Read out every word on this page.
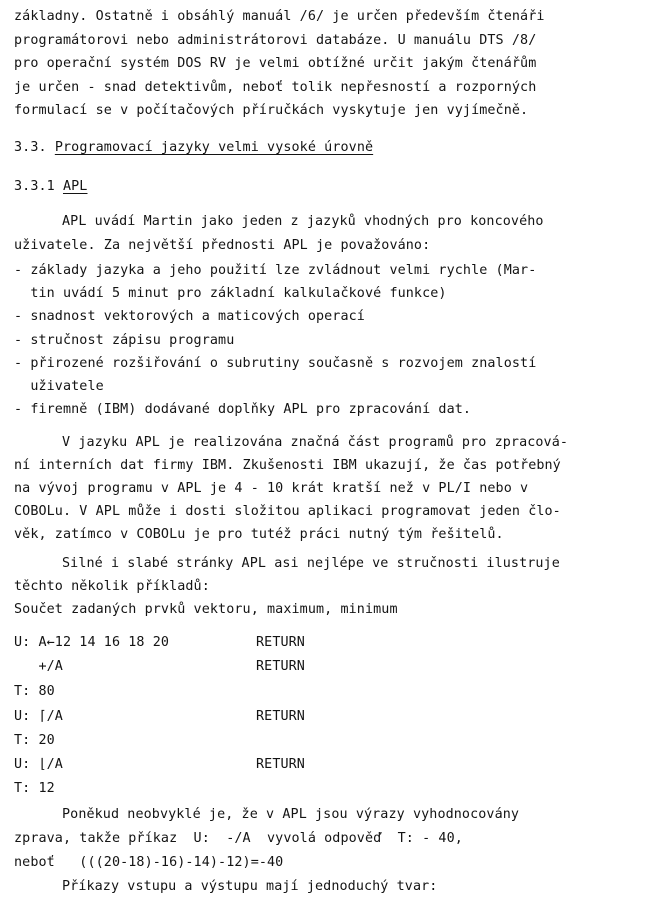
základny. Ostatně i obsáhlý manuál /6/ je určen především čtenáři
programátorovi nebo administrátorovi databáze. U manuálu DTS /8/
pro operační systém DOS RV je velmi obtížné určit jakým čtenářům
je určen - snad detektivům, neboť tolik nepřesností a rozporných
formulací se v počítačových příručkách vyskytuje jen vyjímečně.
3.3. Programovací jazyky velmi vysoké úrovně
3.3.1 APL
APL uvádí Martin jako jeden z jazyků vhodných pro koncového
uživatele. Za největší přednosti APL je považováno:
- základy jazyka a jeho použití lze zvládnout velmi rychle (Mar-
tin uvádí 5 minut pro základní kalkulačkové funkce)
- snadnost vektorových a maticových operací
- stručnost zápisu programu
- přirozené rozšiřování o subrutiny současně s rozvojem znalostí
uživatele
- firemně (IBM) dodávané doplňky APL pro zpracování dat.
V jazyku APL je realizována značná část programů pro zpracová-
ní interních dat firmy IBM. Zkušenosti IBM ukazují, že čas potřebný
na vývoj programu v APL je 4 - 10 krát kratší než v PL/I nebo v
COBOLu. V APL může i dosti složitou aplikaci programovat jeden člo-
věk, zatímco v COBOLu je pro tutéž práci nutný tým řešitelů.
Silné i slabé stránky APL asi nejlépe ve stručnosti ilustruje
těchto několik příkladů:
Součet zadaných prvků vektoru, maximum, minimum
U: A←12 14 16 18 20	RETURN
+/A	RETURN
T: 80
U: ⌈/A	RETURN
T: 20
U: ⌊/A	RETURN
T: 12
Poněkud neobvyklé je, že v APL jsou výrazy vyhodnocovány
zprava, takže příkaz  U:  -/A  vyvolá odpověď  T: - 40,
neboť   (((20-18)-16)-14)-12)=-40
Příkazy vstupu a výstupu mají jednoduchý tvar:
